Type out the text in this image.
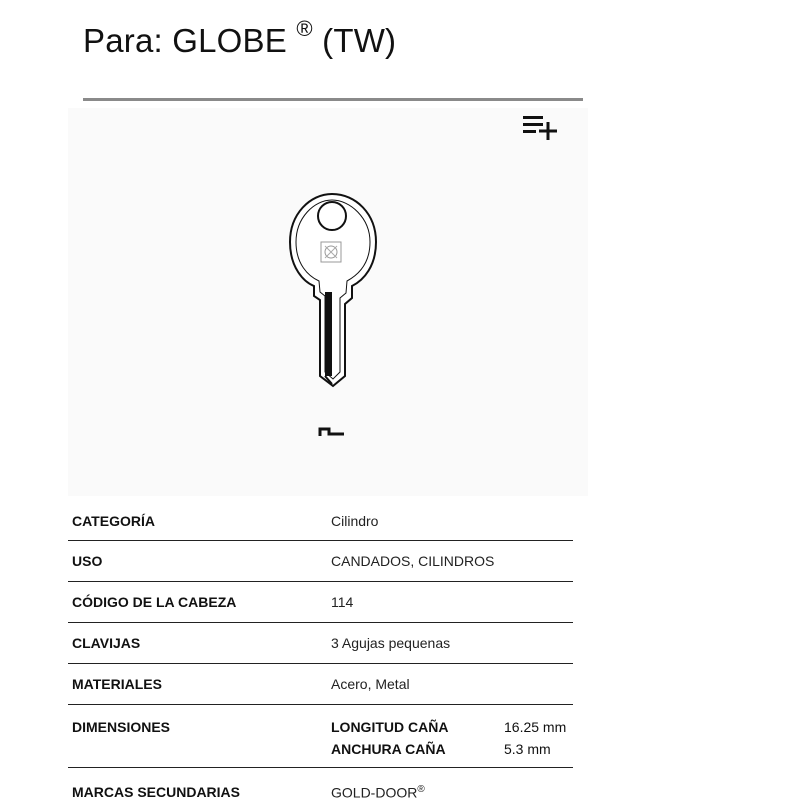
Para: GLOBE ® (TW)
CATEGORÍA	Cilindro
USO	CANDADOS, CILINDROS
CÓDIGO DE LA CABEZA	114
CLAVIJAS	3 Agujas pequenas
MATERIALES	Acero, Metal
DIMENSIONES	LONGITUD CAÑA	16.25 mm
ANCHURA CAÑA	5.3 mm
MARCAS SECUNDARIAS	GOLD-DOOR®
